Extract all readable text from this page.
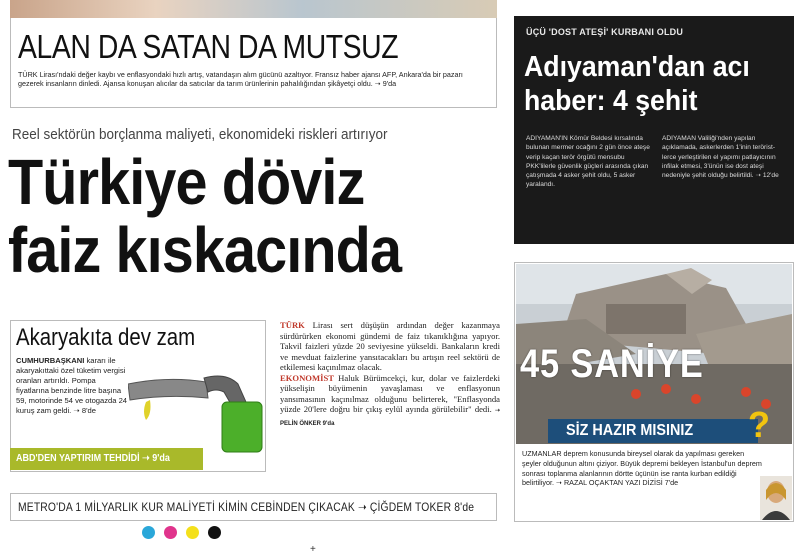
ALAN DA SATAN DA MUTSUZ
TÜRK Lirası'ndaki değer kaybı ve enflasyondaki hızlı artış, vatandaşın alım gücünü azaltıyor. Fransız haber ajansı AFP, Ankara'da bir pazarı gezerek insanların dinledi. Ajansa konuşan alıcılar da satıcılar da tarım ürünlerinin pahalılığından şikâyetçi oldu. ➝ 9'da
ÜÇÜ 'DOST ATEŞİ' KURBANI OLDU
Adıyaman'dan acı haber: 4 şehit
ADIYAMAN'IN Kömür Beldesi kırsalında bulunan mermer ocağını 2 gün önce ateşe verip kaçan terör örgütü mensubu PKK'lilerle güvenlik güçleri arasında çıkan çatışmada 4 asker şehit oldu, 5 asker yaralandı.
ADIYAMAN Valiliği'nden yapılan açıklamada, askerlerden 1'inin teröristlerce yerleştirilen el yapımı patlayıcının infilak etmesi, 3'ünün ise dost ateşi nedeniyle şehit olduğu belirtildi. ➝ 12'de
Reel sektörün borçlanma maliyeti, ekonomideki riskleri artırıyor
Türkiye döviz
faiz kıskacında
Akaryakıta dev zam
CUMHURBAŞKANI kararı ile akaryakıttaki özel tüketim vergisi oranları artırıldı. Pompa fiyatlarına benzinde litre başına 59, motorinde 54 ve otogazda 24 kuruş zam geldi. ➝ 8'de
ABD'DEN YAPTIRIM TEHDİDİ ➝ 9'da
TÜRK Lirası sert düşüşün ardından değer kazanmaya sürdürürken ekonomi gündemi de faiz tıkanıklığına yapıyor. Takvil faizleri yüzde 20 seviyesine yükseldi. Bankaların kredi ve mevduat faizlerine yansıtacakları bu artışın reel sektörü de etkilemesi kaçınılmaz olacak.
EKONOMİST Haluk Bürümcekçi, kur, dolar ve faizlerdeki yükselişin büyümenin yavaşlaması ve enflasyonun yansımasının kaçınılmaz olduğunu belirterek, "Enflasyonda yüzde 20'lere doğru bir çıkış eylül ayında görülebilir" dedi. ➝ PELİN ÖNKER 9'da
METRO'DA 1 MİLYARLIK KUR MALİYETİ KİMİN CEBİNDEN ÇIKACAK ➝ ÇİĞDEM TOKER 8'de
+
45 SANİYE
SİZ HAZIR MISINIZ ?
UZMANLAR deprem konusunda bireysel olarak da yapılması gereken şeyler olduğunun altını çiziyor. Büyük depremi bekleyen İstanbul'un deprem sonrası toplanma alanlarının dörtte üçünün ise ranta kurban edildiği belirtiliyor. ➝ RAZAL OÇAKTAN YAZI DİZİSİ 7'de
